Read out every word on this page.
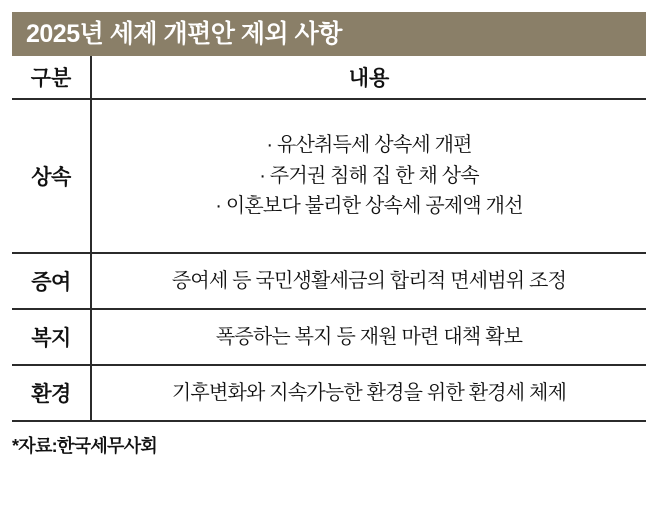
2025년 세제 개편안 제외 사항
구분	내용
상속	· 유산취득세 상속세 개편
· 주거권 침해 집 한 채 상속
· 이혼보다 불리한 상속세 공제액 개선

증여	증여세 등 국민생활세금의 합리적 면세범위 조정

복지	폭증하는 복지 등 재원 마련 대책 확보

환경	기후변화와 지속가능한 환경을 위한 환경세 체제
*자료:한국세무사회
